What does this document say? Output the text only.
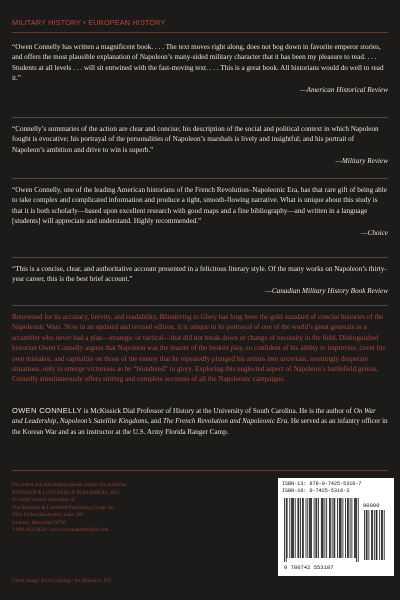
MILITARY HISTORY • EUROPEAN HISTORY
“Owen Connelly has written a magnificent book. . . . The text moves right along, does not bog down in favorite emperor stories, and offers the most plausible explanation of Napoleon’s many-sided military character that it has been my pleasure to read. . . . Students at all levels . . . will sit entwined with the fast-moving text. . . . This is a great book. All historians would do well to read it.”
—American Historical Review
“Connelly’s summaries of the action are clear and concise; his description of the social and political context in which Napoleon fought is evocative; his portrayal of the personalities of Napoleon’s marshals is lively and insightful; and his portrait of Napoleon’s ambition and drive to win is superb.”
—Military Review
“Owen Connelly, one of the leading American historians of the French Revolution–Napoleonic Era, has that rare gift of being able to take complex and complicated information and produce a tight, smooth-flowing narrative. What is unique about this study is that it is both scholarly—based upon excellent research with good maps and a fine bibliography—and written in a language [students] will appreciate and understand. Highly recommended.”
—Choice
“This is a concise, clear, and authoritative account presented in a felicitous literary style. Of the many works on Napoleon’s thirty-year career, this is the best brief account.”
—Canadian Military History Book Review
Renowned for its accuracy, brevity, and readability, Blundering to Glory has long been the gold standard of concise histories of the Napoleonic Wars. Now in an updated and revised edition, it is unique in its portrayal of one of the world’s great generals as a scrambler who never had a plan—strategic or tactical—that did not break down or change of necessity in the field. Distinguished historian Owen Connelly argues that Napoleon was the master of the broken play, so confident of his ability to improvise, cover his own mistakes, and capitalize on those of the enemy that he repeatedly plunged his armies into uncertain, seemingly desperate situations, only to emerge victorious as he “blundered” to glory. Exploring this neglected aspect of Napoleon’s battlefield genius, Connelly simultaneously offers stirring and complete accounts of all the Napoleonic campaigns.
OWEN CONNELLY is McKissick Dial Professor of History at the University of South Carolina. He is the author of On War and Leadership, Napoleon’s Satellite Kingdoms, and The French Revolution and Napoleonic Era. He served as an infantry officer in the Korean War and as an instructor at the U.S. Army Florida Ranger Camp.
For orders and information please contact the publisher
ROWMAN & LITTLEFIELD PUBLISHERS, INC.
A wholly owned subsidiary of
The Rowman & Littlefield Publishing Group, Inc.
4501 Forbes Boulevard, Suite 200
Lanham, Maryland 20706
1-800-462-6420 • www.rowmanlittlefield.com
Cover image: Erich Lessing / Art Resource, NY.
ISBN-13: 978-0-7425-5318-7
ISBN-10: 0-7425-5318-3
9 780742 553187
90000
